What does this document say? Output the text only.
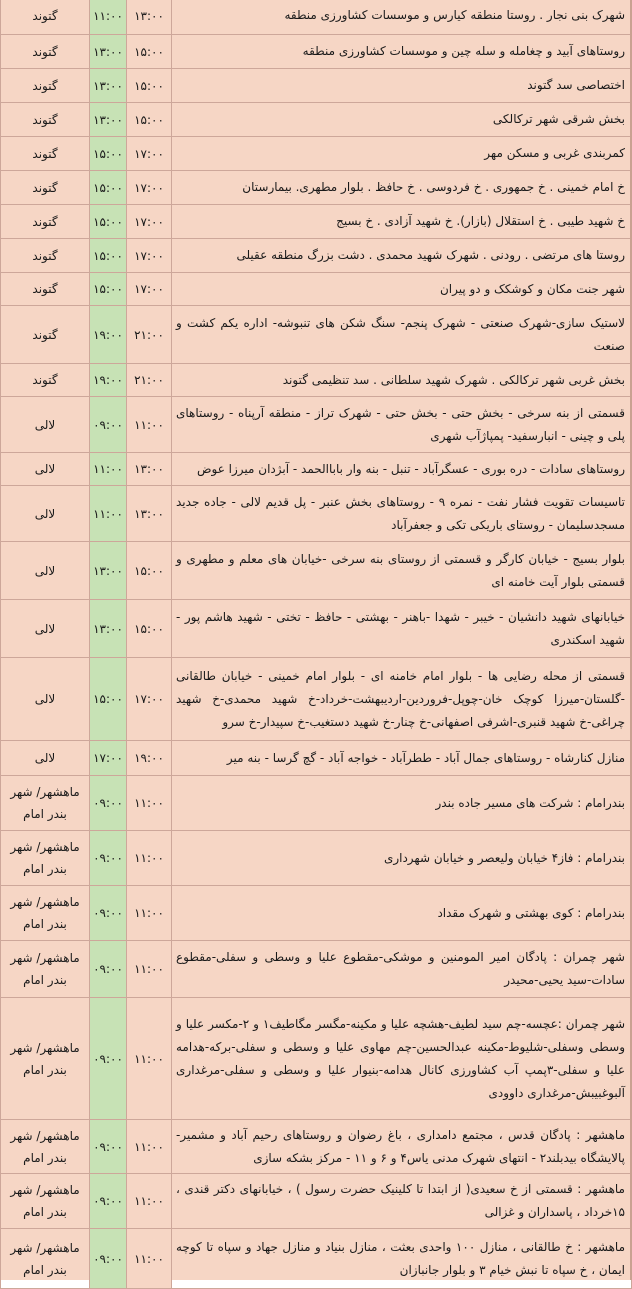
گتوند	۱۱:۰۰	۱۳:۰۰	شهرک بنی نجار . روستا منطقه کیارس و موسسات کشاورزی منطقه
گتوند	۱۳:۰۰	۱۵:۰۰	روستاهای آبید و چغامله و سله چین و موسسات کشاورزی منطقه
گتوند	۱۳:۰۰	۱۵:۰۰	اختصاصی سد گتوند
گتوند	۱۳:۰۰	۱۵:۰۰	بخش شرقی شهر ترکالکی
گتوند	۱۵:۰۰	۱۷:۰۰	کمربندی غربی و مسکن مهر
گتوند	۱۵:۰۰	۱۷:۰۰	خ امام خمینی . خ جمهوری . خ فردوسی . خ حافظ . بلوار مطهری. بیمارستان
گتوند	۱۵:۰۰	۱۷:۰۰	خ شهید طیبی . خ استقلال (بازار). خ شهید آزادی . خ بسیج
گتوند	۱۵:۰۰	۱۷:۰۰	روستا های مرتضی . رودنی . شهرک شهید محمدی . دشت بزرگ منطقه عقیلی
گتوند	۱۵:۰۰	۱۷:۰۰	شهر جنت مکان و کوشکک و دو پیران
گتوند	۱۹:۰۰	۲۱:۰۰	لاستیک سازی-شهرک صنعتی - شهرک پنجم- سنگ شکن های تنبوشه- اداره یکم کشت و صنعت
گتوند	۱۹:۰۰	۲۱:۰۰	بخش غربی شهر ترکالکی . شهرک شهید سلطانی . سد تنظیمی گتوند
لالی	۰۹:۰۰	۱۱:۰۰	قسمتی از بنه سرخی - بخش حتی - بخش حتی - شهرک تراز - منطقه آرپناه - روستاهای پلی و چینی - انبارسفید- پمپاژآب شهری
لالی	۱۱:۰۰	۱۳:۰۰	روستاهای سادات - دره بوری - عسگرآباد - تنبل - بنه وار باباالحمد - آبژدان میرزا عوض
لالی	۱۱:۰۰	۱۳:۰۰	تاسیسات تقویت فشار نفت - نمره ۹ - روستاهای بخش عنبر - پل قدیم لالی - جاده جدید مسجدسلیمان - روستای باریکی تکی و جعفرآباد
لالی	۱۳:۰۰	۱۵:۰۰	بلوار بسیج - خیابان کارگر و قسمتی از روستای بنه سرخی -خیابان های معلم و مطهری و قسمتی بلوار آیت خامنه ای
لالی	۱۳:۰۰	۱۵:۰۰	خیابانهای شهید دانشیان - خیبر - شهدا -باهنر - بهشتی - حافظ - تختی - شهید هاشم پور - شهید اسکندری
لالی	۱۵:۰۰	۱۷:۰۰	قسمتی از محله رضایی ها - بلوار امام خامنه ای - بلوار امام خمینی - خیابان طالقانی -گلستان-میرزا کوچک خان-چوپل-فروردین-اردیبهشت-خرداد-خ شهید محمدی-خ شهید چراغی-خ شهید قنبری-اشرفی اصفهانی-خ چنار-خ شهید دستغیب-خ سپیدار-خ سرو
لالی	۱۷:۰۰	۱۹:۰۰	منازل کنارشاه - روستاهای جمال آباد - ططرآباد - خواجه آباد - گچ گرسا - بنه میر
ماهشهر/ شهر بندر امام	۰۹:۰۰	۱۱:۰۰	بندرامام : شرکت های مسیر جاده بندر
ماهشهر/ شهر بندر امام	۰۹:۰۰	۱۱:۰۰	بندرامام : فاز۴ خیابان ولیعصر و خیابان شهرداری
ماهشهر/ شهر بندر امام	۰۹:۰۰	۱۱:۰۰	بندرامام : کوی بهشتی و شهرک مقداد
ماهشهر/ شهر بندر امام	۰۹:۰۰	۱۱:۰۰	شهر چمران : پادگان امیر المومنین و موشکی-مقطوع علیا و وسطی و سفلی-مقطوع سادات-سید یحیی-محیدر
ماهشهر/ شهر بندر امام	۰۹:۰۰	۱۱:۰۰	شهر چمران :عچسه-چم سید لطیف-هشچه علیا و مکینه-مگسر مگاطیف۱ و ۲-مکسر علیا و وسطی وسفلی-شلیوط-مکینه عبدالحسین-چم مهاوی علیا و وسطی و سفلی-برکه-هدامه علیا و سفلی-۳پمپ آب کشاورزی کانال هدامه-بنیوار علیا و وسطی و سفلی-مرغداری آلبوغبیبش-مرغداری داوودی
ماهشهر/ شهر بندر امام	۰۹:۰۰	۱۱:۰۰	ماهشهر : پادگان قدس ، مجتمع دامداری ، باغ رضوان و روستاهای رحیم آباد و مشمیر-پالایشگاه بیدبلند۲ - انتهای شهرک مدنی یاس۴ و ۶ و ۱۱ - مرکز بشکه سازی
ماهشهر/ شهر بندر امام	۰۹:۰۰	۱۱:۰۰	ماهشهر : قسمتی از خ سعیدی( از ابتدا تا کلینیک حضرت رسول ) ، خیابانهای دکتر قندی ، ۱۵خرداد ، پاسداران و غزالی
ماهشهر/ شهر بندر امام	۰۹:۰۰	۱۱:۰۰	ماهشهر : خ طالقانی ، منازل ۱۰۰ واحدی بعثت ، منازل بنیاد و منازل جهاد و سپاه تا کوچه ایمان ، خ سپاه تا نبش خیام ۳ و بلوار جانبازان
